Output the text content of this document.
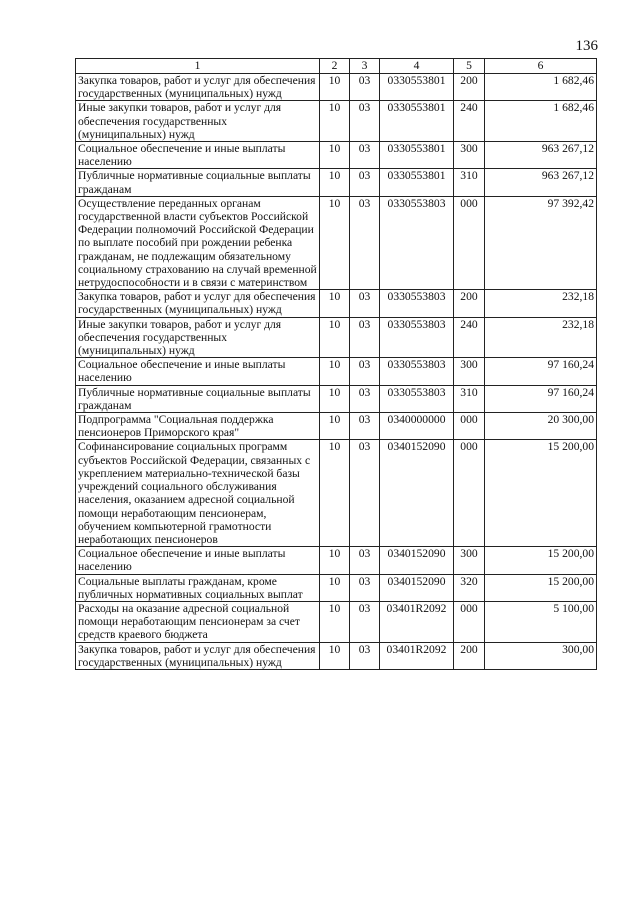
136
1	2	3	4	5	6
Закупка товаров, работ и услуг для обеспечения государственных (муниципальных) нужд	10	03	0330553801	200	1 682,46
Иные закупки товаров, работ и услуг для обеспечения государственных (муниципальных) нужд	10	03	0330553801	240	1 682,46
Социальное обеспечение и иные выплаты населению	10	03	0330553801	300	963 267,12
Публичные нормативные социальные выплаты гражданам	10	03	0330553801	310	963 267,12
Осуществление переданных органам государственной власти субъектов Российской Федерации полномочий Российской Федерации по выплате пособий при рождении ребенка гражданам, не подлежащим обязательному социальному страхованию на случай временной нетрудоспособности и в связи с материнством	10	03	0330553803	000	97 392,42
Закупка товаров, работ и услуг для обеспечения государственных (муниципальных) нужд	10	03	0330553803	200	232,18
Иные закупки товаров, работ и услуг для обеспечения государственных (муниципальных) нужд	10	03	0330553803	240	232,18
Социальное обеспечение и иные выплаты населению	10	03	0330553803	300	97 160,24
Публичные нормативные социальные выплаты гражданам	10	03	0330553803	310	97 160,24
Подпрограмма "Социальная поддержка пенсионеров Приморского края"	10	03	0340000000	000	20 300,00
Софинансирование социальных программ субъектов Российской Федерации, связанных с укреплением материально-технической базы учреждений социального обслуживания населения, оказанием адресной социальной помощи неработающим пенсионерам, обучением компьютерной грамотности неработающих пенсионеров	10	03	0340152090	000	15 200,00
Социальное обеспечение и иные выплаты населению	10	03	0340152090	300	15 200,00
Социальные выплаты гражданам, кроме публичных нормативных социальных выплат	10	03	0340152090	320	15 200,00
Расходы на оказание адресной социальной помощи неработающим пенсионерам за счет средств краевого бюджета	10	03	03401R2092	000	5 100,00
Закупка товаров, работ и услуг для обеспечения государственных (муниципальных) нужд	10	03	03401R2092	200	300,00
